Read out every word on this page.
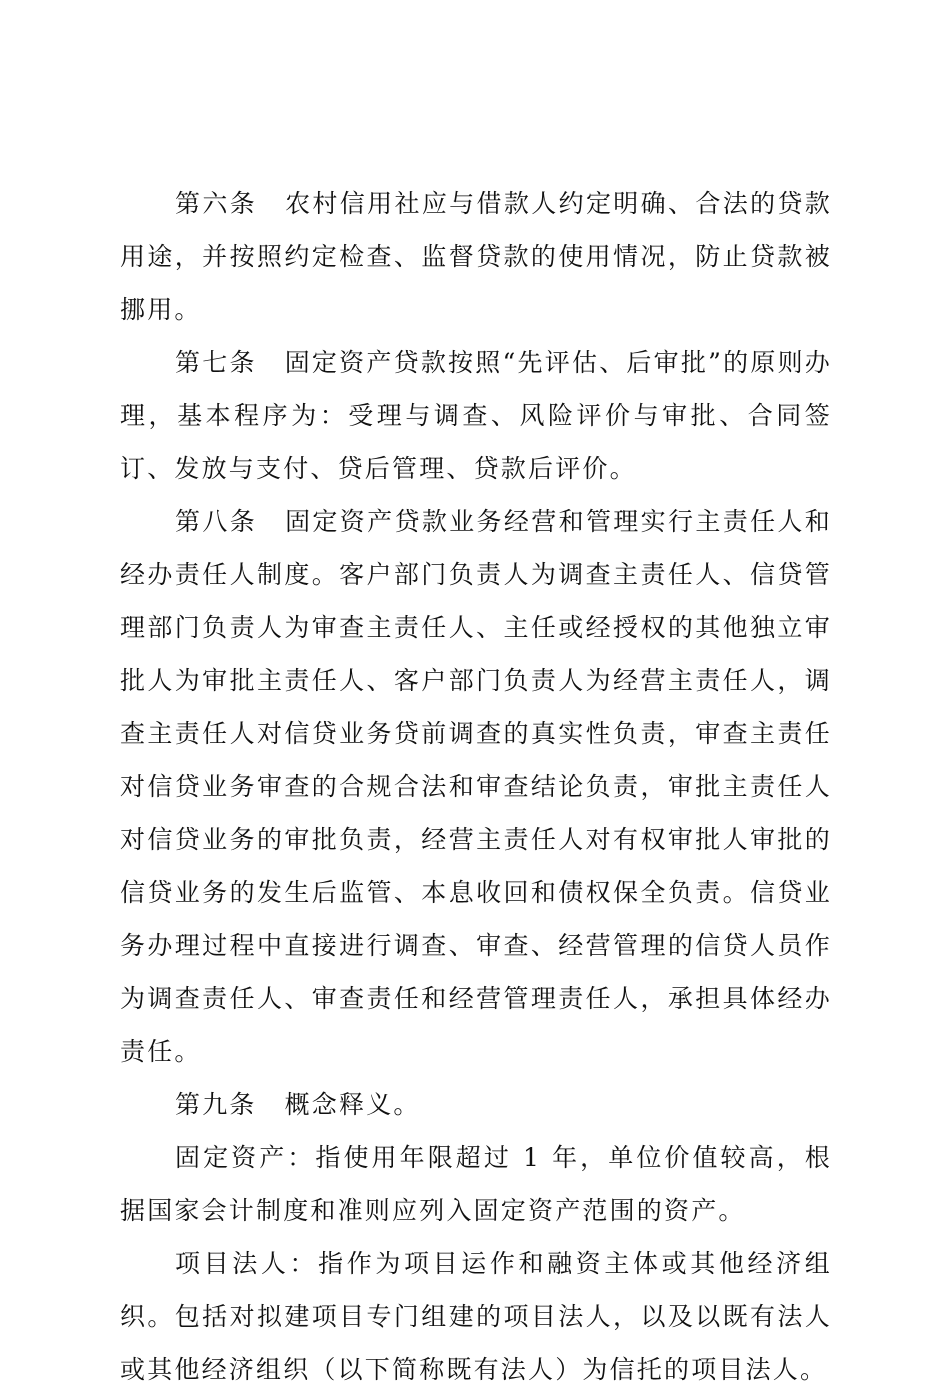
第六条 农村信用社应与借款人约定明确、合法的贷款用途，并按照约定检查、监督贷款的使用情况，防止贷款被挪用。

第七条 固定资产贷款按照“先评估、后审批”的原则办理，基本程序为：受理与调查、风险评价与审批、合同签订、发放与支付、贷后管理、贷款后评价。

第八条 固定资产贷款业务经营和管理实行主责任人和经办责任人制度。客户部门负责人为调查主责任人、信贷管理部门负责人为审查主责任人、主任或经授权的其他独立审批人为审批主责任人、客户部门负责人为经营主责任人，调查主责任人对信贷业务贷前调查的真实性负责，审查主责任对信贷业务审查的合规合法和审查结论负责，审批主责任人对信贷业务的审批负责，经营主责任人对有权审批人审批的信贷业务的发生后监管、本息收回和债权保全负责。信贷业务办理过程中直接进行调查、审查、经营管理的信贷人员作为调查责任人、审查责任和经营管理责任人，承担具体经办责任。

第九条 概念释义。

固定资产：指使用年限超过 1 年，单位价值较高，根据国家会计制度和准则应列入固定资产范围的资产。

项目法人：指作为项目运作和融资主体或其他经济组织。包括对拟建项目专门组建的项目法人，以及以既有法人或其他经济组织（以下简称既有法人）为信托的项目法人。
